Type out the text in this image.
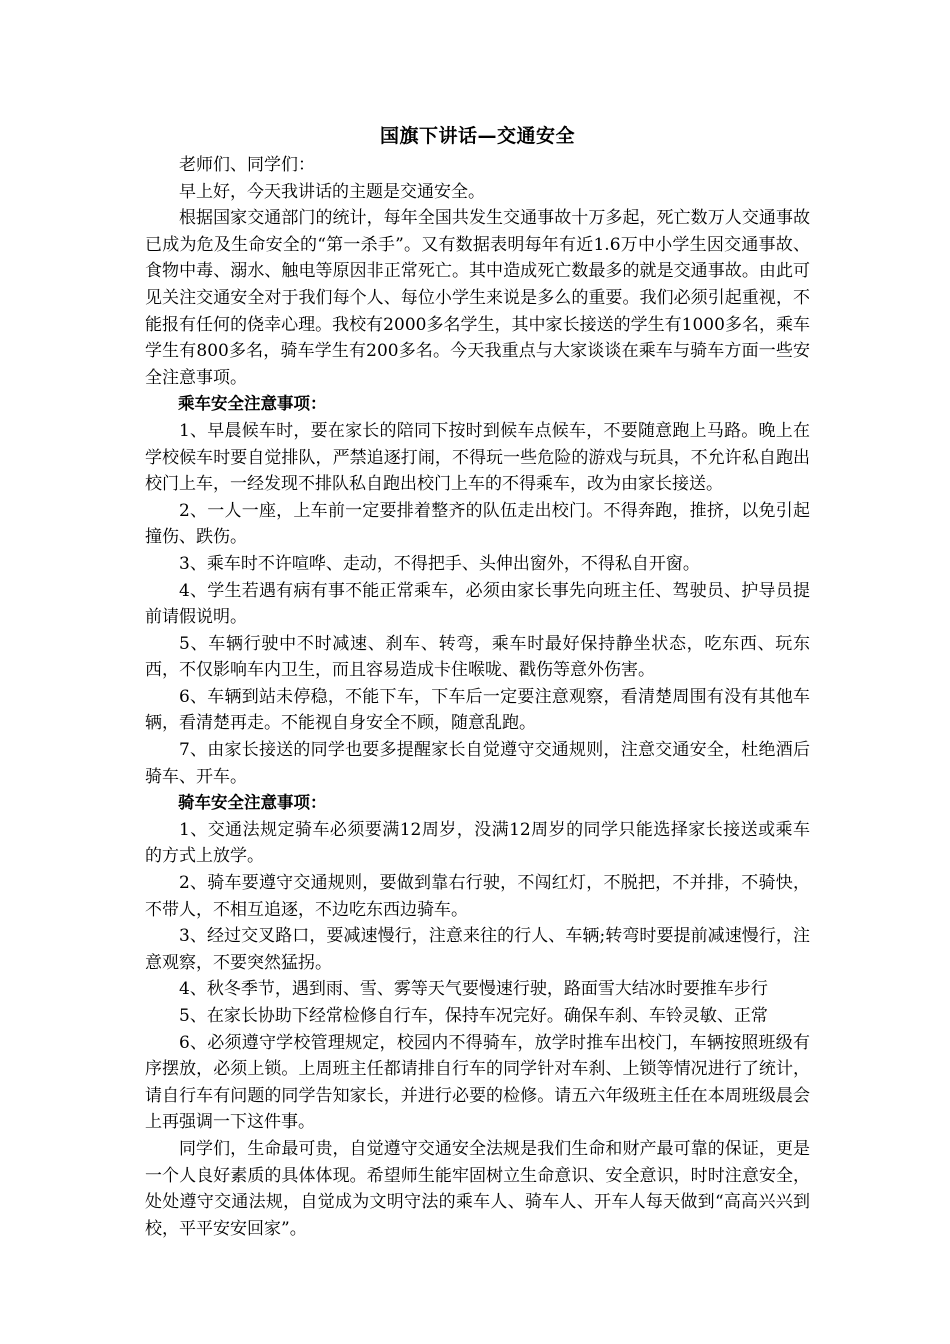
国旗下讲话—交通安全

老师们、同学们：

早上好，今天我讲话的主题是交通安全。

根据国家交通部门的统计，每年全国共发生交通事故十万多起，死亡数万人交通事故已成为危及生命安全的“第一杀手”。又有数据表明每年有近1.6万中小学生因交通事故、食物中毒、溺水、触电等原因非正常死亡。其中造成死亡数最多的就是交通事故。由此可见关注交通安全对于我们每个人、每位小学生来说是多么的重要。我们必须引起重视，不能报有任何的侥幸心理。我校有2000多名学生，其中家长接送的学生有1000多名，乘车学生有800多名，骑车学生有200多名。今天我重点与大家谈谈在乘车与骑车方面一些安全注意事项。

乘车安全注意事项：

1、早晨候车时，要在家长的陪同下按时到候车点候车，不要随意跑上马路。晚上在学校候车时要自觉排队，严禁追逐打闹，不得玩一些危险的游戏与玩具，不允许私自跑出校门上车，一经发现不排队私自跑出校门上车的不得乘车，改为由家长接送。

2、一人一座，上车前一定要排着整齐的队伍走出校门。不得奔跑，推挤，以免引起撞伤、跌伤。

3、乘车时不许喧哗、走动，不得把手、头伸出窗外，不得私自开窗。

4、学生若遇有病有事不能正常乘车，必须由家长事先向班主任、驾驶员、护导员提前请假说明。

5、车辆行驶中不时减速、刹车、转弯，乘车时最好保持静坐状态，吃东西、玩东西，不仅影响车内卫生，而且容易造成卡住喉咙、戳伤等意外伤害。

6、车辆到站未停稳，不能下车，下车后一定要注意观察，看清楚周围有没有其他车辆，看清楚再走。不能视自身安全不顾，随意乱跑。

7、由家长接送的同学也要多提醒家长自觉遵守交通规则，注意交通安全，杜绝酒后骑车、开车。

骑车安全注意事项：

1、交通法规定骑车必须要满12周岁，没满12周岁的同学只能选择家长接送或乘车的方式上放学。

2、骑车要遵守交通规则，要做到靠右行驶，不闯红灯，不脱把，不并排，不骑快，不带人，不相互追逐，不边吃东西边骑车。

3、经过交叉路口，要减速慢行，注意来往的行人、车辆;转弯时要提前减速慢行，注意观察，不要突然猛拐。

4、秋冬季节，遇到雨、雪、雾等天气要慢速行驶，路面雪大结冰时要推车步行

5、在家长协助下经常检修自行车，保持车况完好。确保车刹、车铃灵敏、正常

6、必须遵守学校管理规定，校园内不得骑车，放学时推车出校门，车辆按照班级有序摆放，必须上锁。上周班主任都请排自行车的同学针对车刹、上锁等情况进行了统计，请自行车有问题的同学告知家长，并进行必要的检修。请五六年级班主任在本周班级晨会上再强调一下这件事。

同学们，生命最可贵，自觉遵守交通安全法规是我们生命和财产最可靠的保证，更是一个人良好素质的具体体现。希望师生能牢固树立生命意识、安全意识，时时注意安全，处处遵守交通法规，自觉成为文明守法的乘车人、骑车人、开车人每天做到“高高兴兴到校，平平安安回家”。
